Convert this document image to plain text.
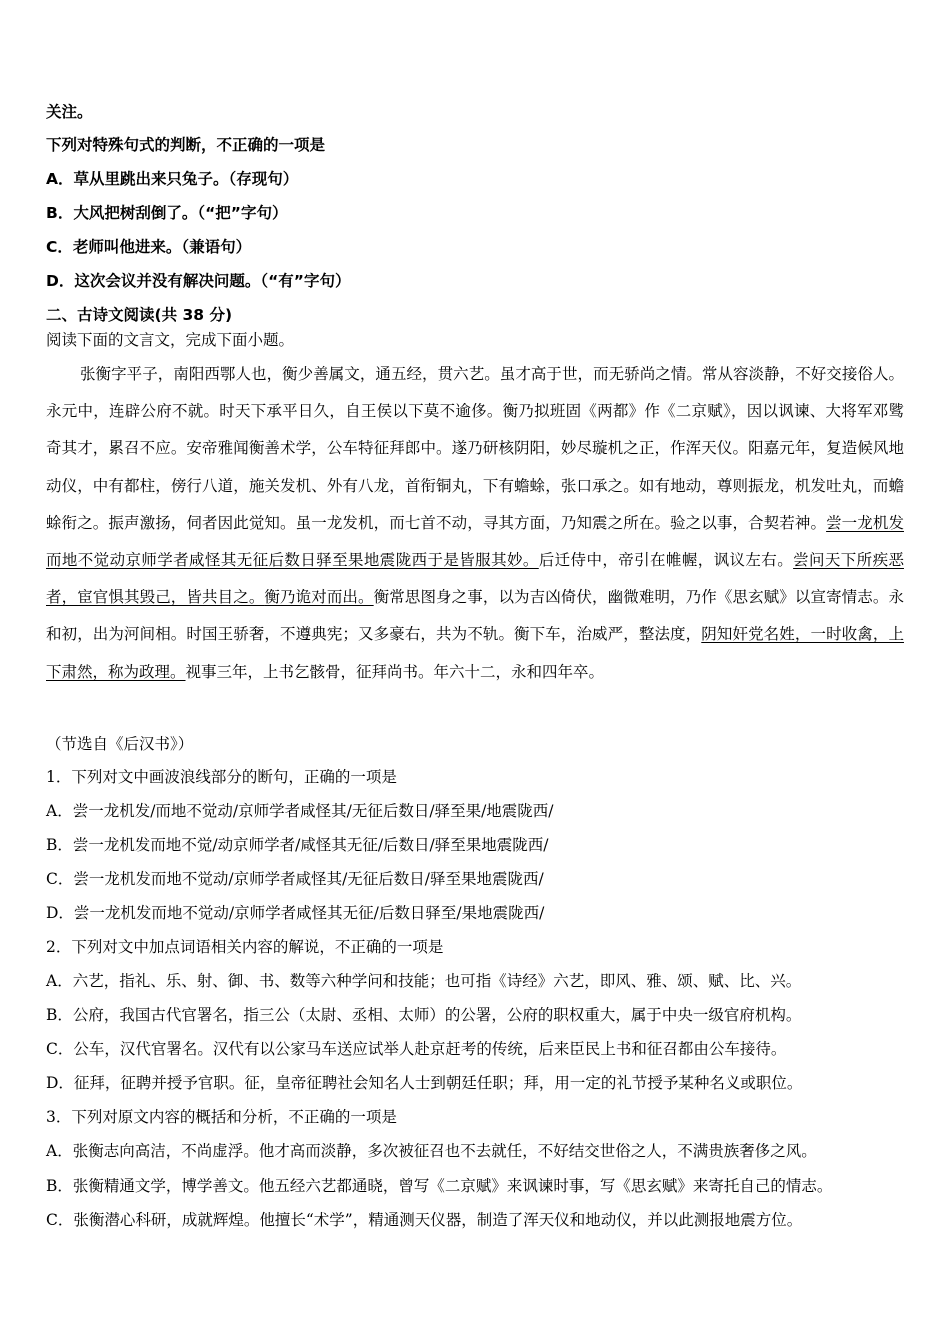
关注。
下列对特殊句式的判断，不正确的一项是
A．草从里跳出来只兔子。（存现句）
B．大风把树刮倒了。（“把”字句）
C．老师叫他进来。（兼语句）
D．这次会议并没有解决问题。（“有”字句）
二、古诗文阅读(共 38 分)
阅读下面的文言文，完成下面小题。
张衡字平子，南阳西鄂人也，衡少善属文，通五经，贯六艺。虽才高于世，而无骄尚之情。常从容淡静，不好交接俗人。永元中，连辟公府不就。时天下承平日久，自王侯以下莫不逾侈。衡乃拟班固《两都》作《二京赋》，因以讽谏、大将军邓骘奇其才，累召不应。安帝雅闻衡善术学，公车特征拜郎中。遂乃研核阴阳，妙尽璇机之正，作浑天仪。阳嘉元年，复造候风地动仪，中有都柱，傍行八道，施关发机、外有八龙，首衔铜丸，下有蟾蜍，张口承之。如有地动，尊则振龙，机发吐丸，而蟾蜍衔之。振声激扬，伺者因此觉知。虽一龙发机，而七首不动，寻其方面，乃知震之所在。验之以事，合契若神。尝一龙机发而地不觉动京师学者咸怪其无征后数日驿至果地震陇西于是皆服其妙。后迁侍中，帝引在帷幄，讽议左右。尝问天下所疾恶者，宦官惧其毁己，皆共目之。衡乃诡对而出。衡常思图身之事，以为吉凶倚伏，幽微难明，乃作《思玄赋》以宣寄情志。永和初，出为河间相。时国王骄奢，不遵典宪；又多豪右，共为不轨。衡下车，治威严，整法度，阴知奸党名姓，一时收禽，上下肃然，称为政理。视事三年，上书乞骸骨，征拜尚书。年六十二，永和四年卒。
（节选自《后汉书》）
1．下列对文中画波浪线部分的断句，正确的一项是
A．尝一龙机发/而地不觉动/京师学者咸怪其/无征后数日/驿至果/地震陇西/
B．尝一龙机发而地不觉/动京师学者/咸怪其无征/后数日/驿至果地震陇西/
C．尝一龙机发而地不觉动/京师学者咸怪其/无征后数日/驿至果地震陇西/
D．尝一龙机发而地不觉动/京师学者咸怪其无征/后数日驿至/果地震陇西/
2．下列对文中加点词语相关内容的解说，不正确的一项是
A．六艺，指礼、乐、射、御、书、数等六种学问和技能；也可指《诗经》六艺，即风、雅、颂、赋、比、兴。
B．公府，我国古代官署名，指三公（太尉、丞相、太师）的公署，公府的职权重大，属于中央一级官府机构。
C．公车，汉代官署名。汉代有以公家马车送应试举人赴京赶考的传统，后来臣民上书和征召都由公车接待。
D．征拜，征聘并授予官职。征，皇帝征聘社会知名人士到朝廷任职；拜，用一定的礼节授予某种名义或职位。
3．下列对原文内容的概括和分析，不正确的一项是
A．张衡志向高洁，不尚虚浮。他才高而淡静，多次被征召也不去就任，不好结交世俗之人，不满贵族奢侈之风。
B．张衡精通文学，博学善文。他五经六艺都通晓，曾写《二京赋》来讽谏时事，写《思玄赋》来寄托自己的情志。
C．张衡潜心科研，成就辉煌。他擅长“术学”，精通测天仪器，制造了浑天仪和地动仪，并以此测报地震方位。
